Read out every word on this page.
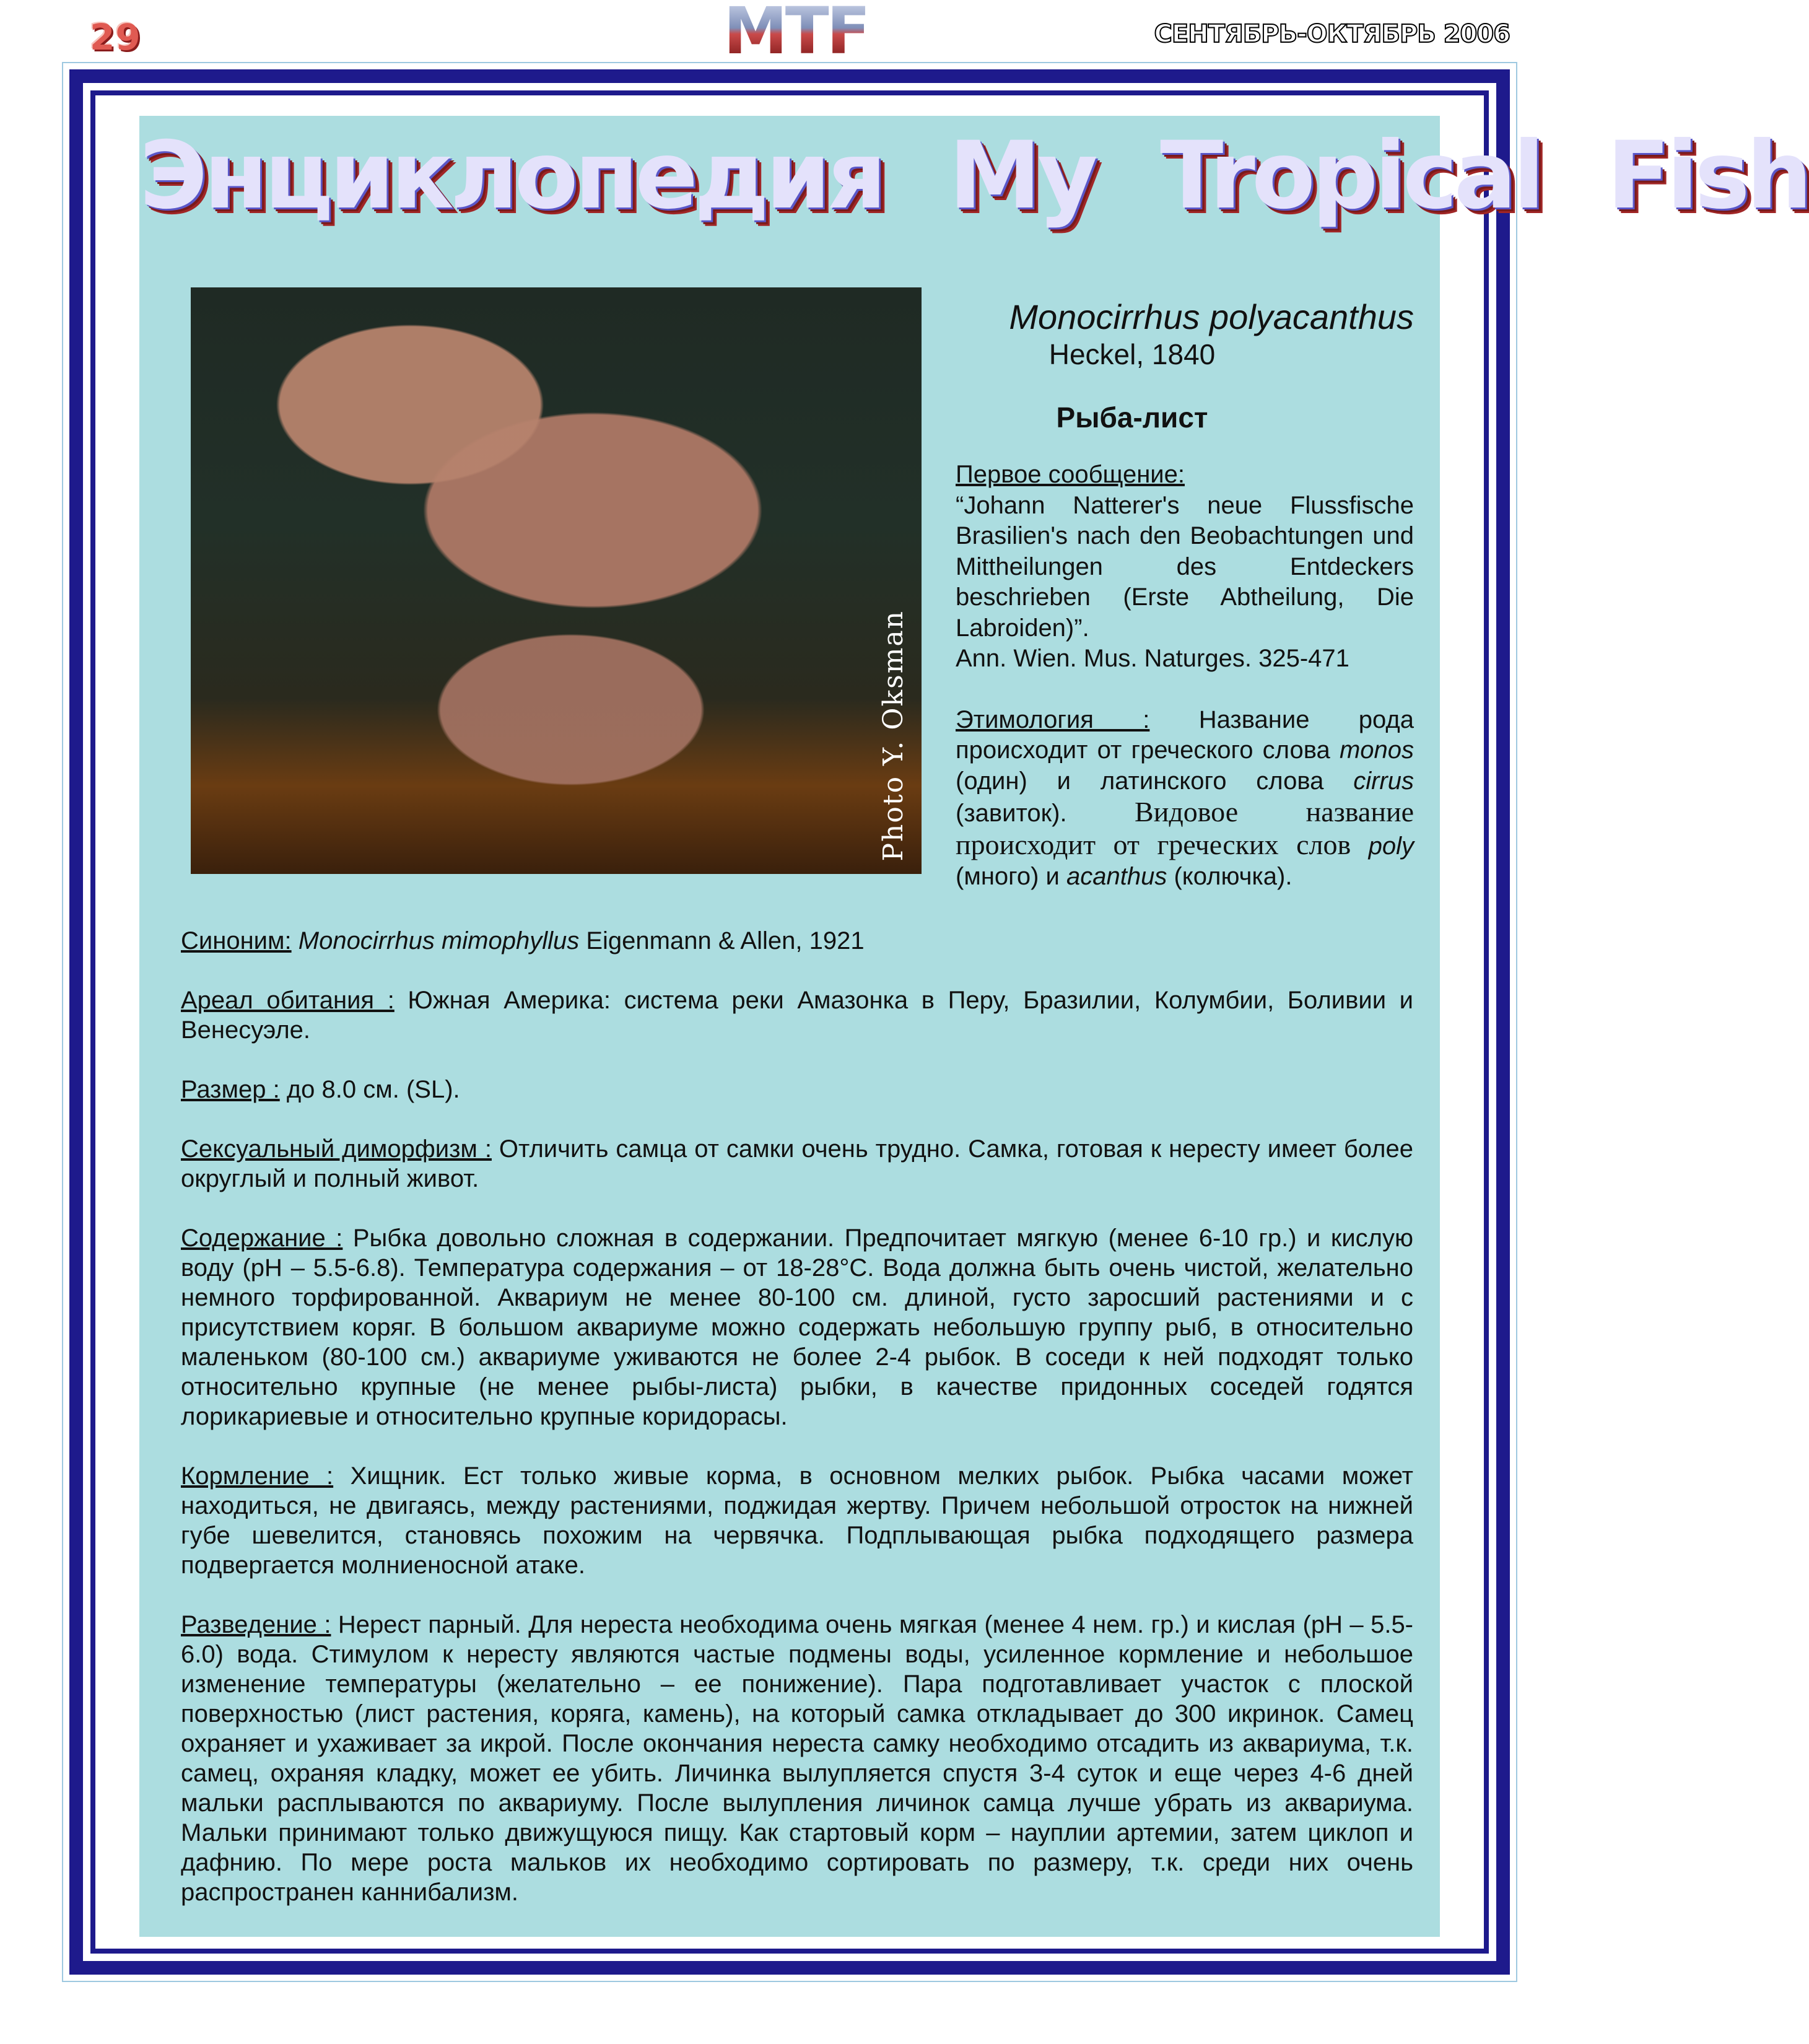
29	MTF	СЕНТЯБРЬ-ОКТЯБРЬ 2006
Энциклопедия My Tropical Fish
Photo Y. Oksman
Monocirrhus polyacanthus
Heckel, 1840
Рыба-лист

Первое сообщение:
“Johann Natterer's neue Flussfische Brasilien's nach den Beobachtungen und Mittheilungen des Entdeckers beschrieben (Erste Abtheilung, Die Labroiden)”.
Ann. Wien. Mus. Naturges. 325-471

Этимология : Название рода происходит от греческого слова monos (один) и латинского слова cirrus (завиток). Видовое название происходит от греческих слов poly (много) и acanthus (колючка).

Синоним: Monocirrhus mimophyllus Eigenmann & Allen, 1921

Ареал обитания : Южная Америка: система реки Амазонка в Перу, Бразилии, Колумбии, Боливии и Венесуэле.

Размер : до 8.0 см. (SL).

Сексуальный диморфизм : Отличить самца от самки очень трудно. Самка, готовая к нересту имеет более округлый и полный живот.

Содержание : Рыбка довольно сложная в содержании. Предпочитает мягкую (менее 6-10 гр.) и кислую воду (pH – 5.5-6.8). Температура содержания – от 18-28°C. Вода должна быть очень чистой, желательно немного торфированной. Аквариум не менее 80-100 см. длиной, густо заросший растениями и с присутствием коряг. В большом аквариуме можно содержать небольшую группу рыб, в относительно маленьком (80-100 см.) аквариуме уживаются не более 2-4 рыбок. В соседи к ней подходят только относительно крупные (не менее рыбы-листа) рыбки, в качестве придонных соседей годятся лорикариевые и относительно крупные коридорасы.

Кормление : Хищник. Ест только живые корма, в основном мелких рыбок. Рыбка часами может находиться, не двигаясь, между растениями, поджидая жертву. Причем небольшой отросток на нижней губе шевелится, становясь похожим на червячка. Подплывающая рыбка подходящего размера подвергается молниеносной атаке.

Разведение : Нерест парный. Для нереста необходима очень мягкая (менее 4 нем. гр.) и кислая (pH – 5.5-6.0) вода. Стимулом к нересту являются частые подмены воды, усиленное кормление и небольшое изменение температуры (желательно – ее понижение). Пара подготавливает участок с плоской поверхностью (лист растения, коряга, камень), на который самка откладывает до 300 икринок. Самец охраняет и ухаживает за икрой. После окончания нереста самку необходимо отсадить из аквариума, т.к. самец, охраняя кладку, может ее убить. Личинка вылупляется спустя 3-4 суток и еще через 4-6 дней мальки расплываются по аквариуму. После вылупления личинок самца лучше убрать из аквариума. Мальки принимают только движущуюся пищу. Как стартовый корм – науплии артемии, затем циклоп и дафнию. По мере роста мальков их необходимо сортировать по размеру, т.к. среди них очень распространен каннибализм.
